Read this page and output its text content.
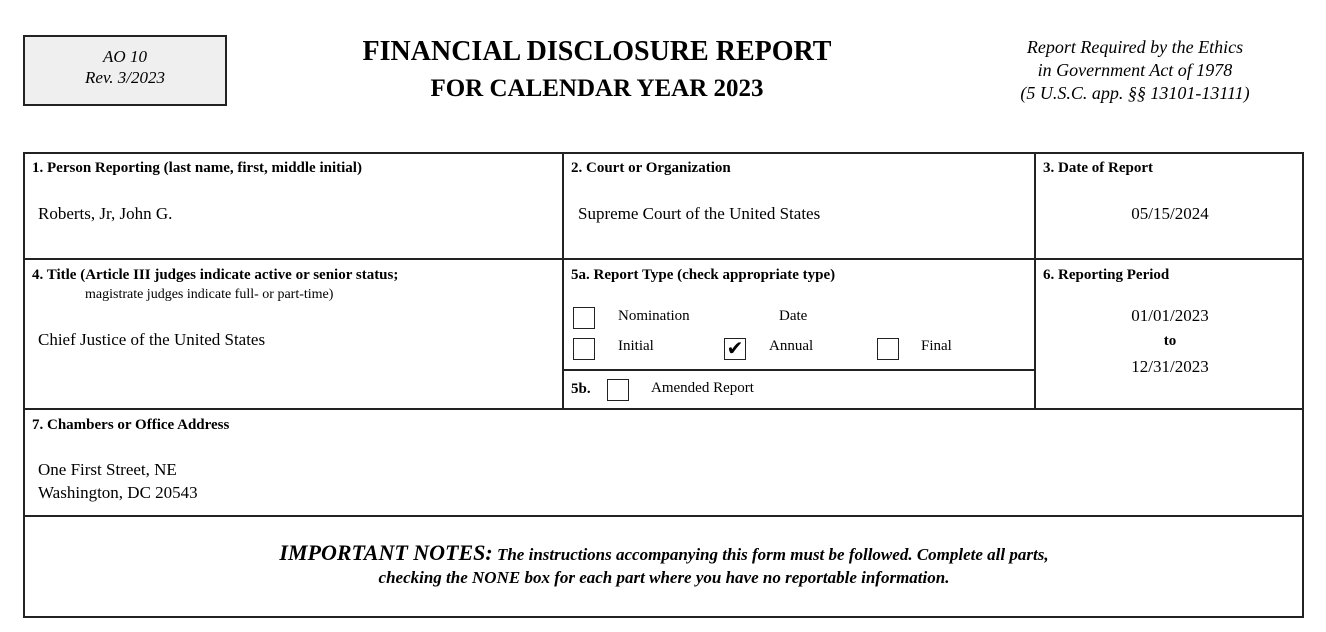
AO 10
Rev. 3/2023
FINANCIAL DISCLOSURE REPORT
FOR CALENDAR YEAR 2023
Report Required by the Ethics
in Government Act of 1978
(5 U.S.C. app. §§ 13101-13111)
1. Person Reporting (last name, first, middle initial)
Roberts, Jr, John G.
2. Court or Organization
Supreme Court of the United States
3. Date of Report
05/15/2024
4. Title (Article III judges indicate active or senior status;
magistrate judges indicate full- or part-time)
Chief Justice of the United States
5a. Report Type (check appropriate type)
Nomination	Date
Initial	✔ Annual	Final
5b.	Amended Report
6. Reporting Period
01/01/2023
to
12/31/2023
7. Chambers or Office Address
One First Street, NE
Washington, DC 20543
IMPORTANT NOTES: The instructions accompanying this form must be followed. Complete all parts,
checking the NONE box for each part where you have no reportable information.
